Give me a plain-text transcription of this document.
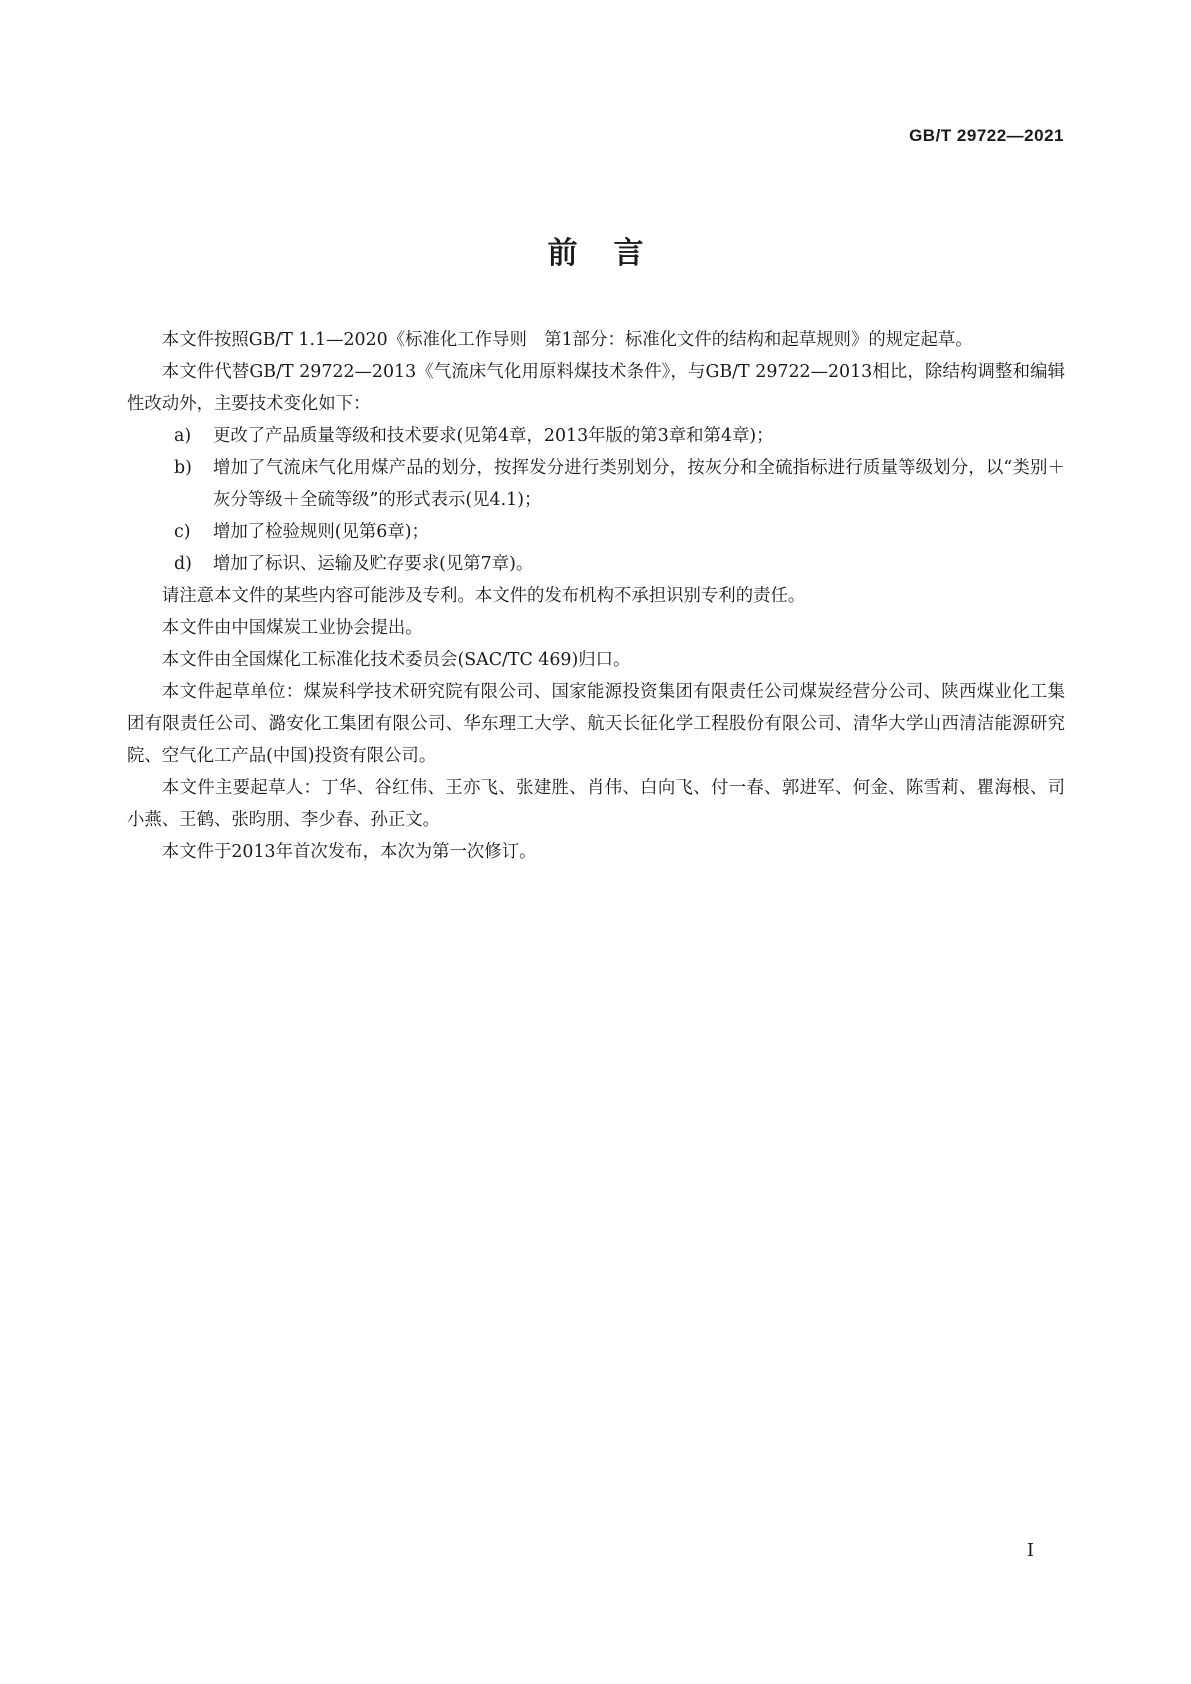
GB/T 29722—2021
前言

本文件按照GB/T 1.1—2020《标准化工作导则　第1部分：标准化文件的结构和起草规则》的规定起草。

本文件代替GB/T 29722—2013《气流床气化用原料煤技术条件》，与GB/T 29722—2013相比，除结构调整和编辑性改动外，主要技术变化如下：

a) 更改了产品质量等级和技术要求(见第4章，2013年版的第3章和第4章)；
b) 增加了气流床气化用煤产品的划分，按挥发分进行类别划分，按灰分和全硫指标进行质量等级划分，以“类别＋灰分等级＋全硫等级”的形式表示(见4.1)；
c) 增加了检验规则(见第6章)；
d) 增加了标识、运输及贮存要求(见第7章)。

请注意本文件的某些内容可能涉及专利。本文件的发布机构不承担识别专利的责任。

本文件由中国煤炭工业协会提出。

本文件由全国煤化工标准化技术委员会(SAC/TC 469)归口。

本文件起草单位：煤炭科学技术研究院有限公司、国家能源投资集团有限责任公司煤炭经营分公司、陕西煤业化工集团有限责任公司、潞安化工集团有限公司、华东理工大学、航天长征化学工程股份有限公司、清华大学山西清洁能源研究院、空气化工产品(中国)投资有限公司。

本文件主要起草人：丁华、谷红伟、王亦飞、张建胜、肖伟、白向飞、付一春、郭进军、何金、陈雪莉、瞿海根、司小燕、王鹤、张昀朋、李少春、孙正文。

本文件于2013年首次发布，本次为第一次修订。

I
